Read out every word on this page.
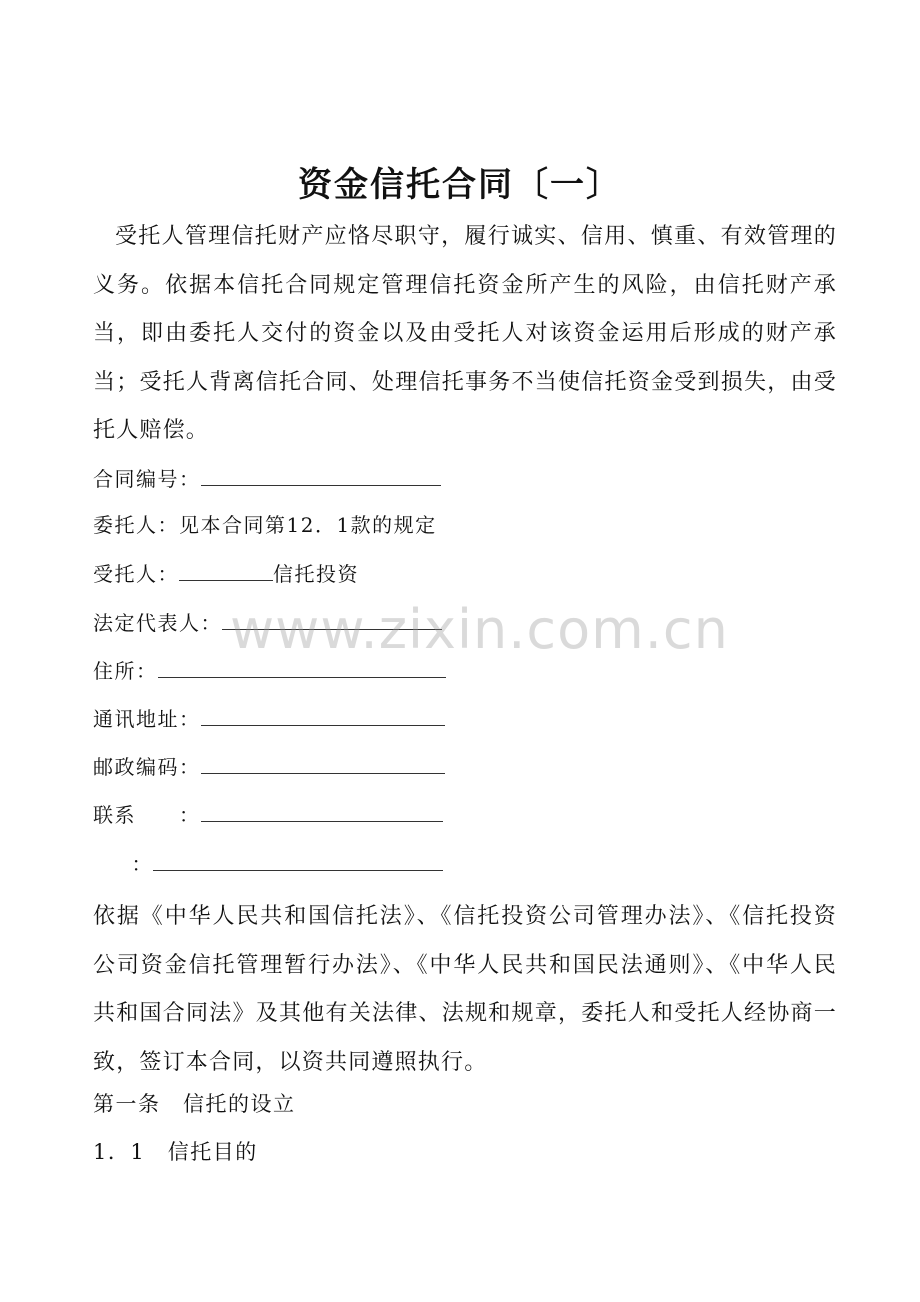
资金信托合同〔一〕

受托人管理信托财产应恪尽职守，履行诚实、信用、慎重、有效管理的义务。依据本信托合同规定管理信托资金所产生的风险，由信托财产承当，即由委托人交付的资金以及由受托人对该资金运用后形成的财产承当；受托人背离信托合同、处理信托事务不当使信托资金受到损失，由受托人赔偿。

合同编号：
委托人：见本合同第12．1款的规定
受托人：	信托投资
法定代表人：
住所：
通讯地址：
邮政编码：
联系　　：
　：

依据《中华人民共和国信托法》、《信托投资公司管理办法》、《信托投资公司资金信托管理暂行办法》、《中华人民共和国民法通则》、《中华人民共和国合同法》及其他有关法律、法规和规章，委托人和受托人经协商一致，签订本合同，以资共同遵照执行。

第一条　信托的设立
1．1　信托目的
www.zixin.com.cn
